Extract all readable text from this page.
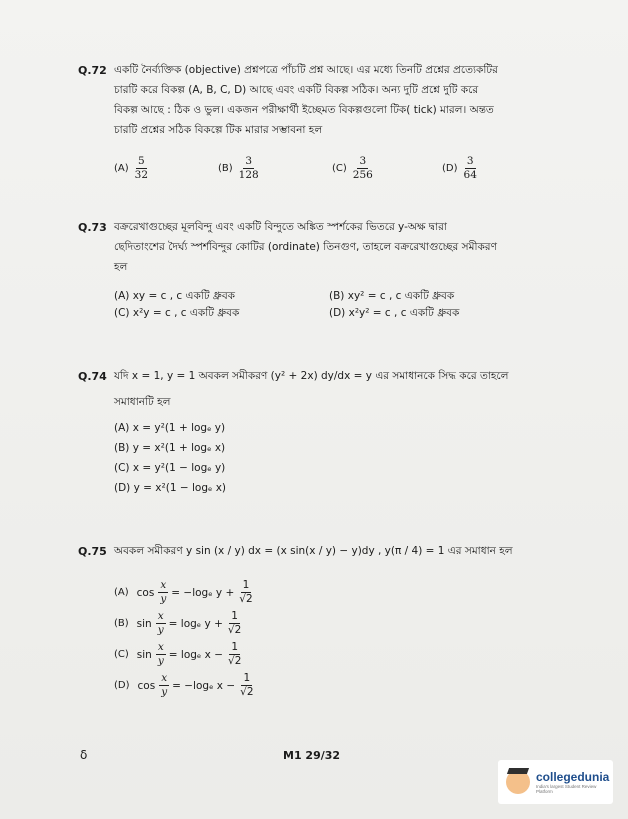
Q.72 একটি নৈর্ব্যক্তিক (objective) প্রশ্নপত্রে পাঁচটি প্রশ্ন আছে। এর মধ্যে তিনটি প্রশ্নের প্রত্যেকটির
চারটি করে বিকল্প (A, B, C, D) আছে এবং একটি বিকল্প সঠিক। অন্য দুটি প্রশ্নে দুটি করে
বিকল্প আছে : ঠিক ও ভুল। একজন পরীক্ষার্থী ইচ্ছেমত বিকল্পগুলো টিক( tick) মারল। অন্তত
চারটি প্রশ্নের সঠিক বিকল্পে টিক মারার সম্ভাবনা হল
$(A) \frac{5}{32}$	$(B) \frac{3}{128}$	$(C) \frac{3}{256}$	$(D) \frac{3}{64}$
Q.73 বক্ররেখাগুচ্ছের মূলবিন্দু এবং একটি বিন্দুতে অঙ্কিত স্পর্শকের ভিতরে y-অক্ষ দ্বারা
ছেদিতাংশের দৈর্ঘ্য স্পর্শবিন্দুর কোটির (ordinate) তিনগুণ, তাহলে বক্ররেখাগুচ্ছের সমীকরণ
হল
(A) xy = c , c একটি ধ্রুবক	(B) xy² = c , c একটি ধ্রুবক
(C) x²y = c , c একটি ধ্রুবক	(D) x²y² = c , c একটি ধ্রুবক
Q.74 যদি x = 1, y = 1 অবকল সমীকরণ (y² + 2x) dy/dx = y এর সমাধানকে সিদ্ধ করে তাহলে
সমাধানটি হল
(A) x = y²(1 + logₑ y)
(B) y = x²(1 + logₑ x)
(C) x = y²(1 − logₑ y)
(D) y = x²(1 − logₑ x)
Q.75 অবকল সমীকরণ y sin (x / y) dx = (x sin(x / y) − y)dy , y(π / 4) = 1 এর সমাধান হল
(A) $\cos \frac{x}{y} = -\log_e$ $y + \frac{1}{√2}$
(B) $\sin \frac{x}{y} = \log_e$ $y + \frac{1}{√2}$
(C) $\sin \frac{x}{y} = \log_e$ $x - \frac{1}{√2}$
(D) $\cos \frac{x}{y} = -\log_e$ $x - \frac{1}{√2}$
δ	M1 29/32
collegedunia
India's largest Student Review Platform
